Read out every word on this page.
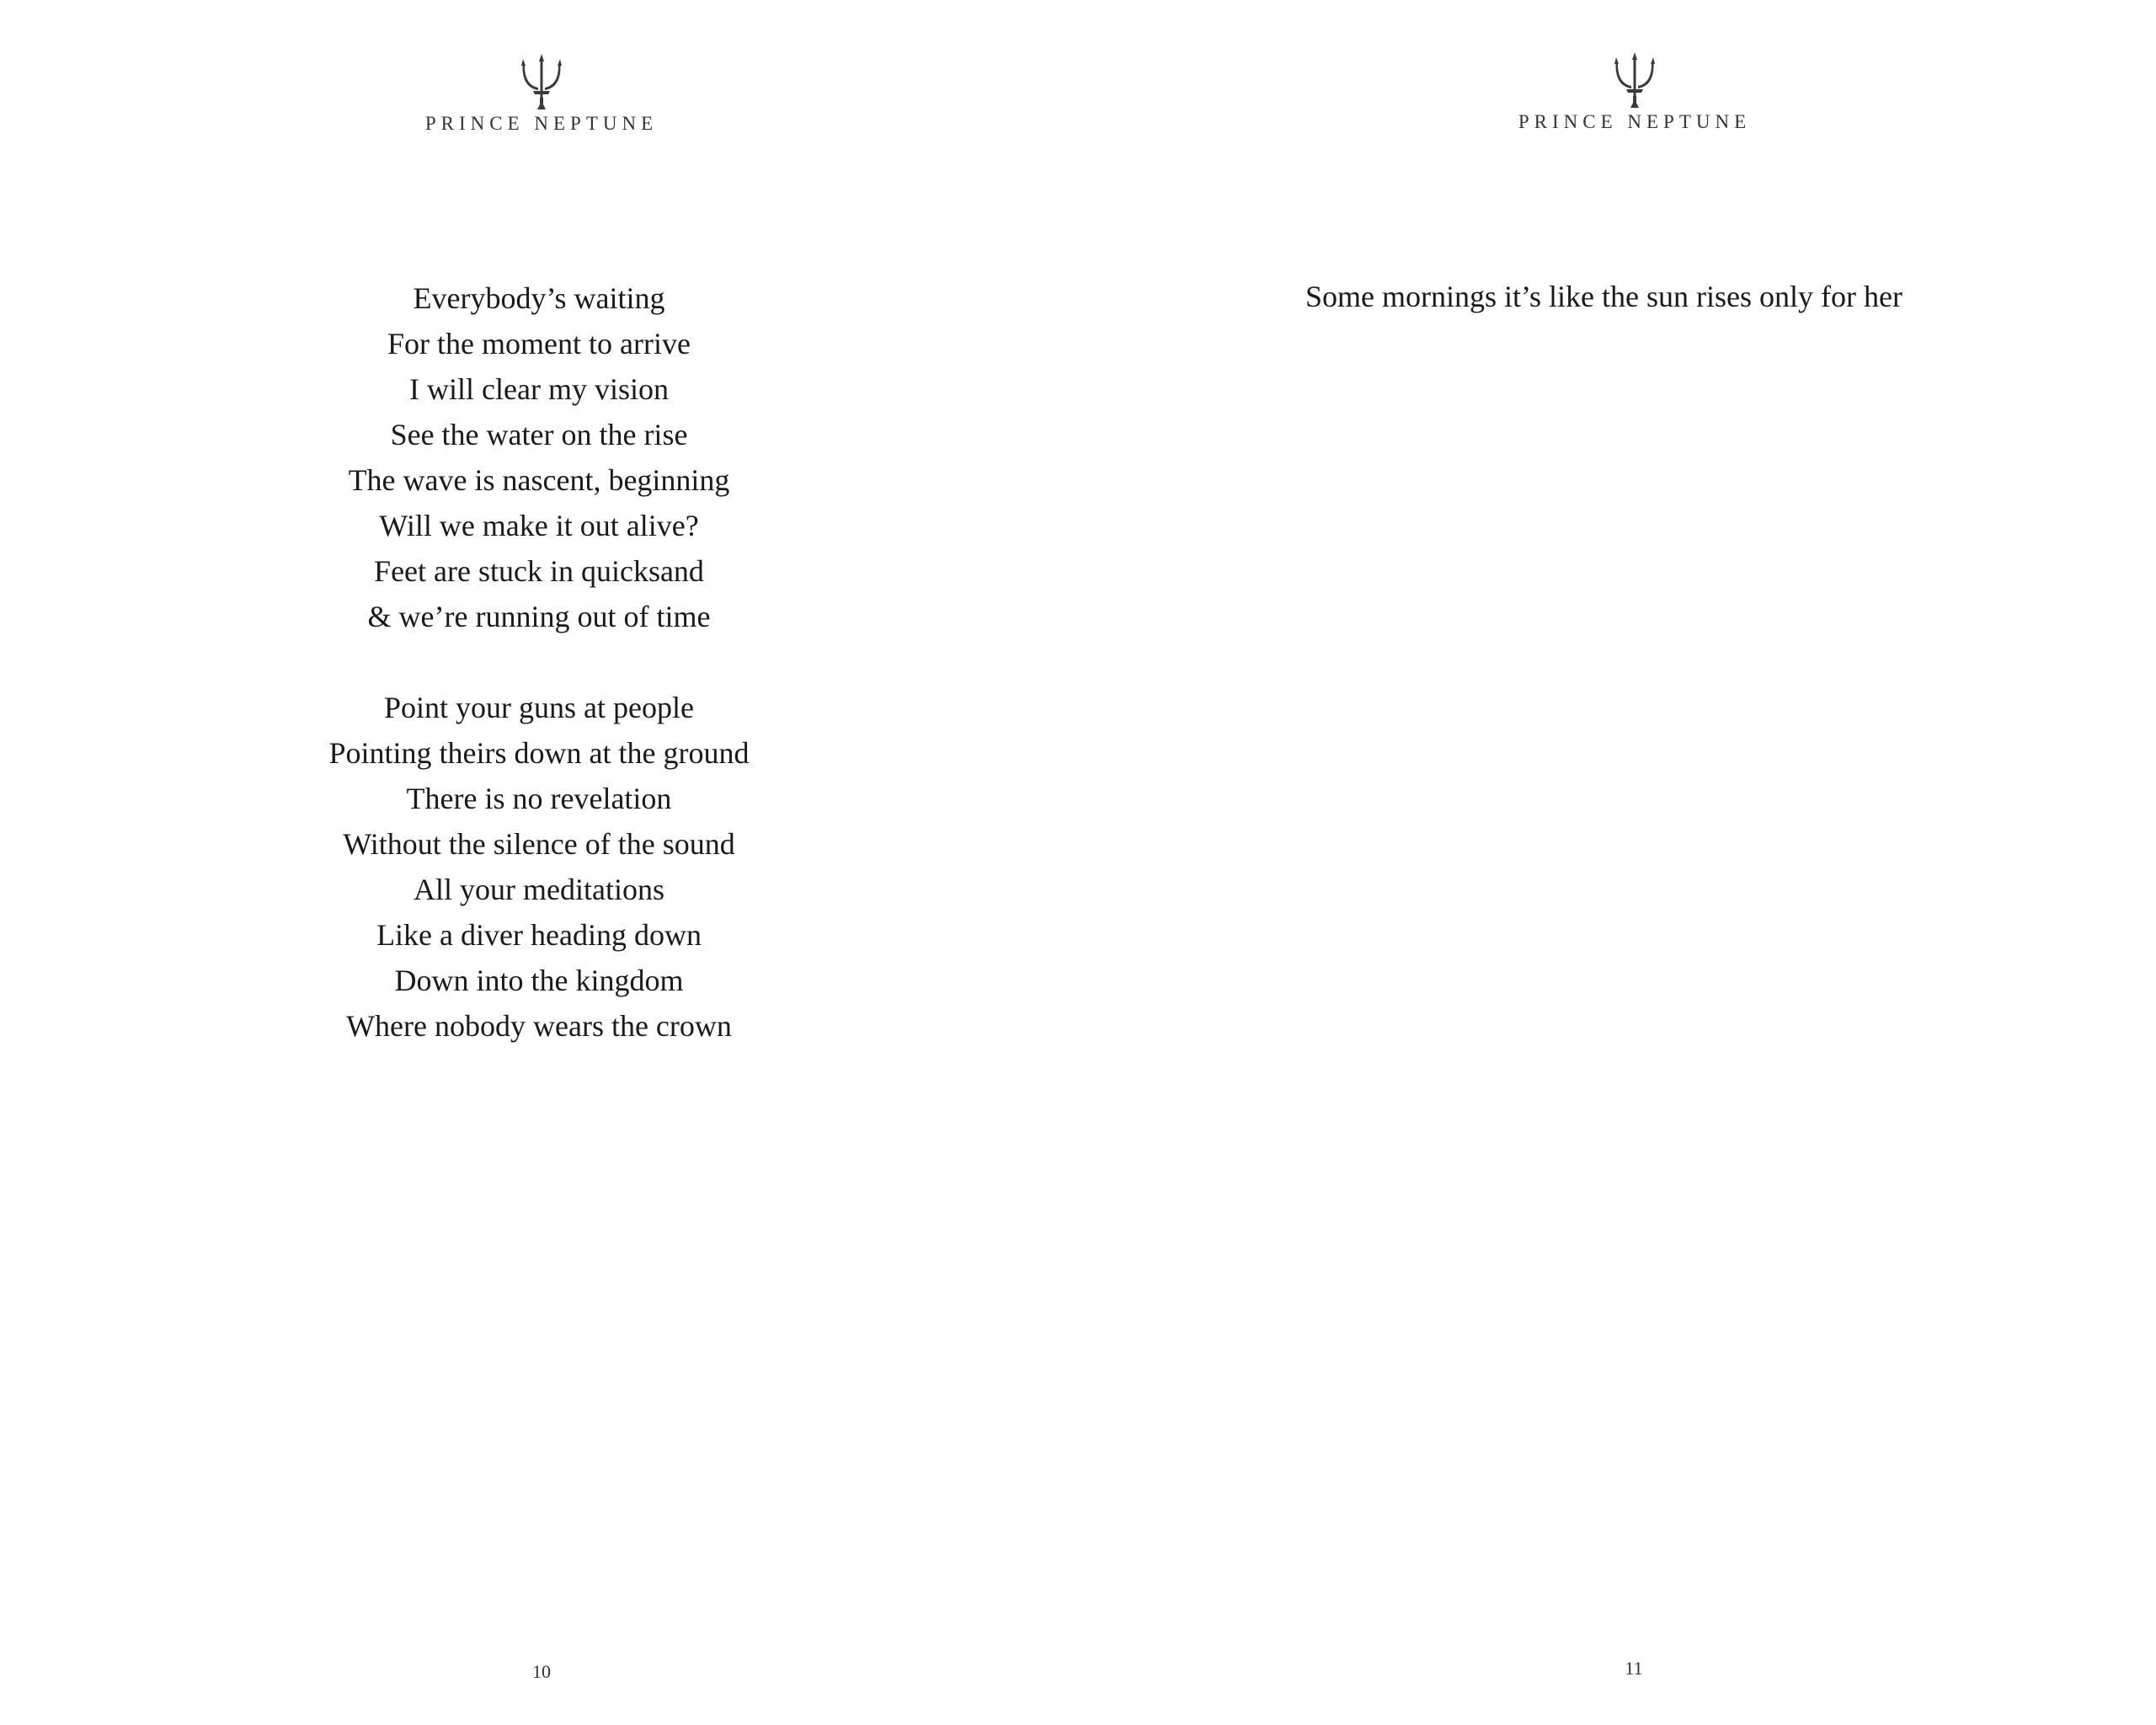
PRINCE NEPTUNE

Everybody’s waiting
For the moment to arrive
I will clear my vision
See the water on the rise
The wave is nascent, beginning
Will we make it out alive?
Feet are stuck in quicksand
& we’re running out of time

Point your guns at people
Pointing theirs down at the ground
There is no revelation
Without the silence of the sound
All your meditations
Like a diver heading down
Down into the kingdom
Where nobody wears the crown

10
PRINCE NEPTUNE
Some mornings it’s like the sun rises only for her
11
